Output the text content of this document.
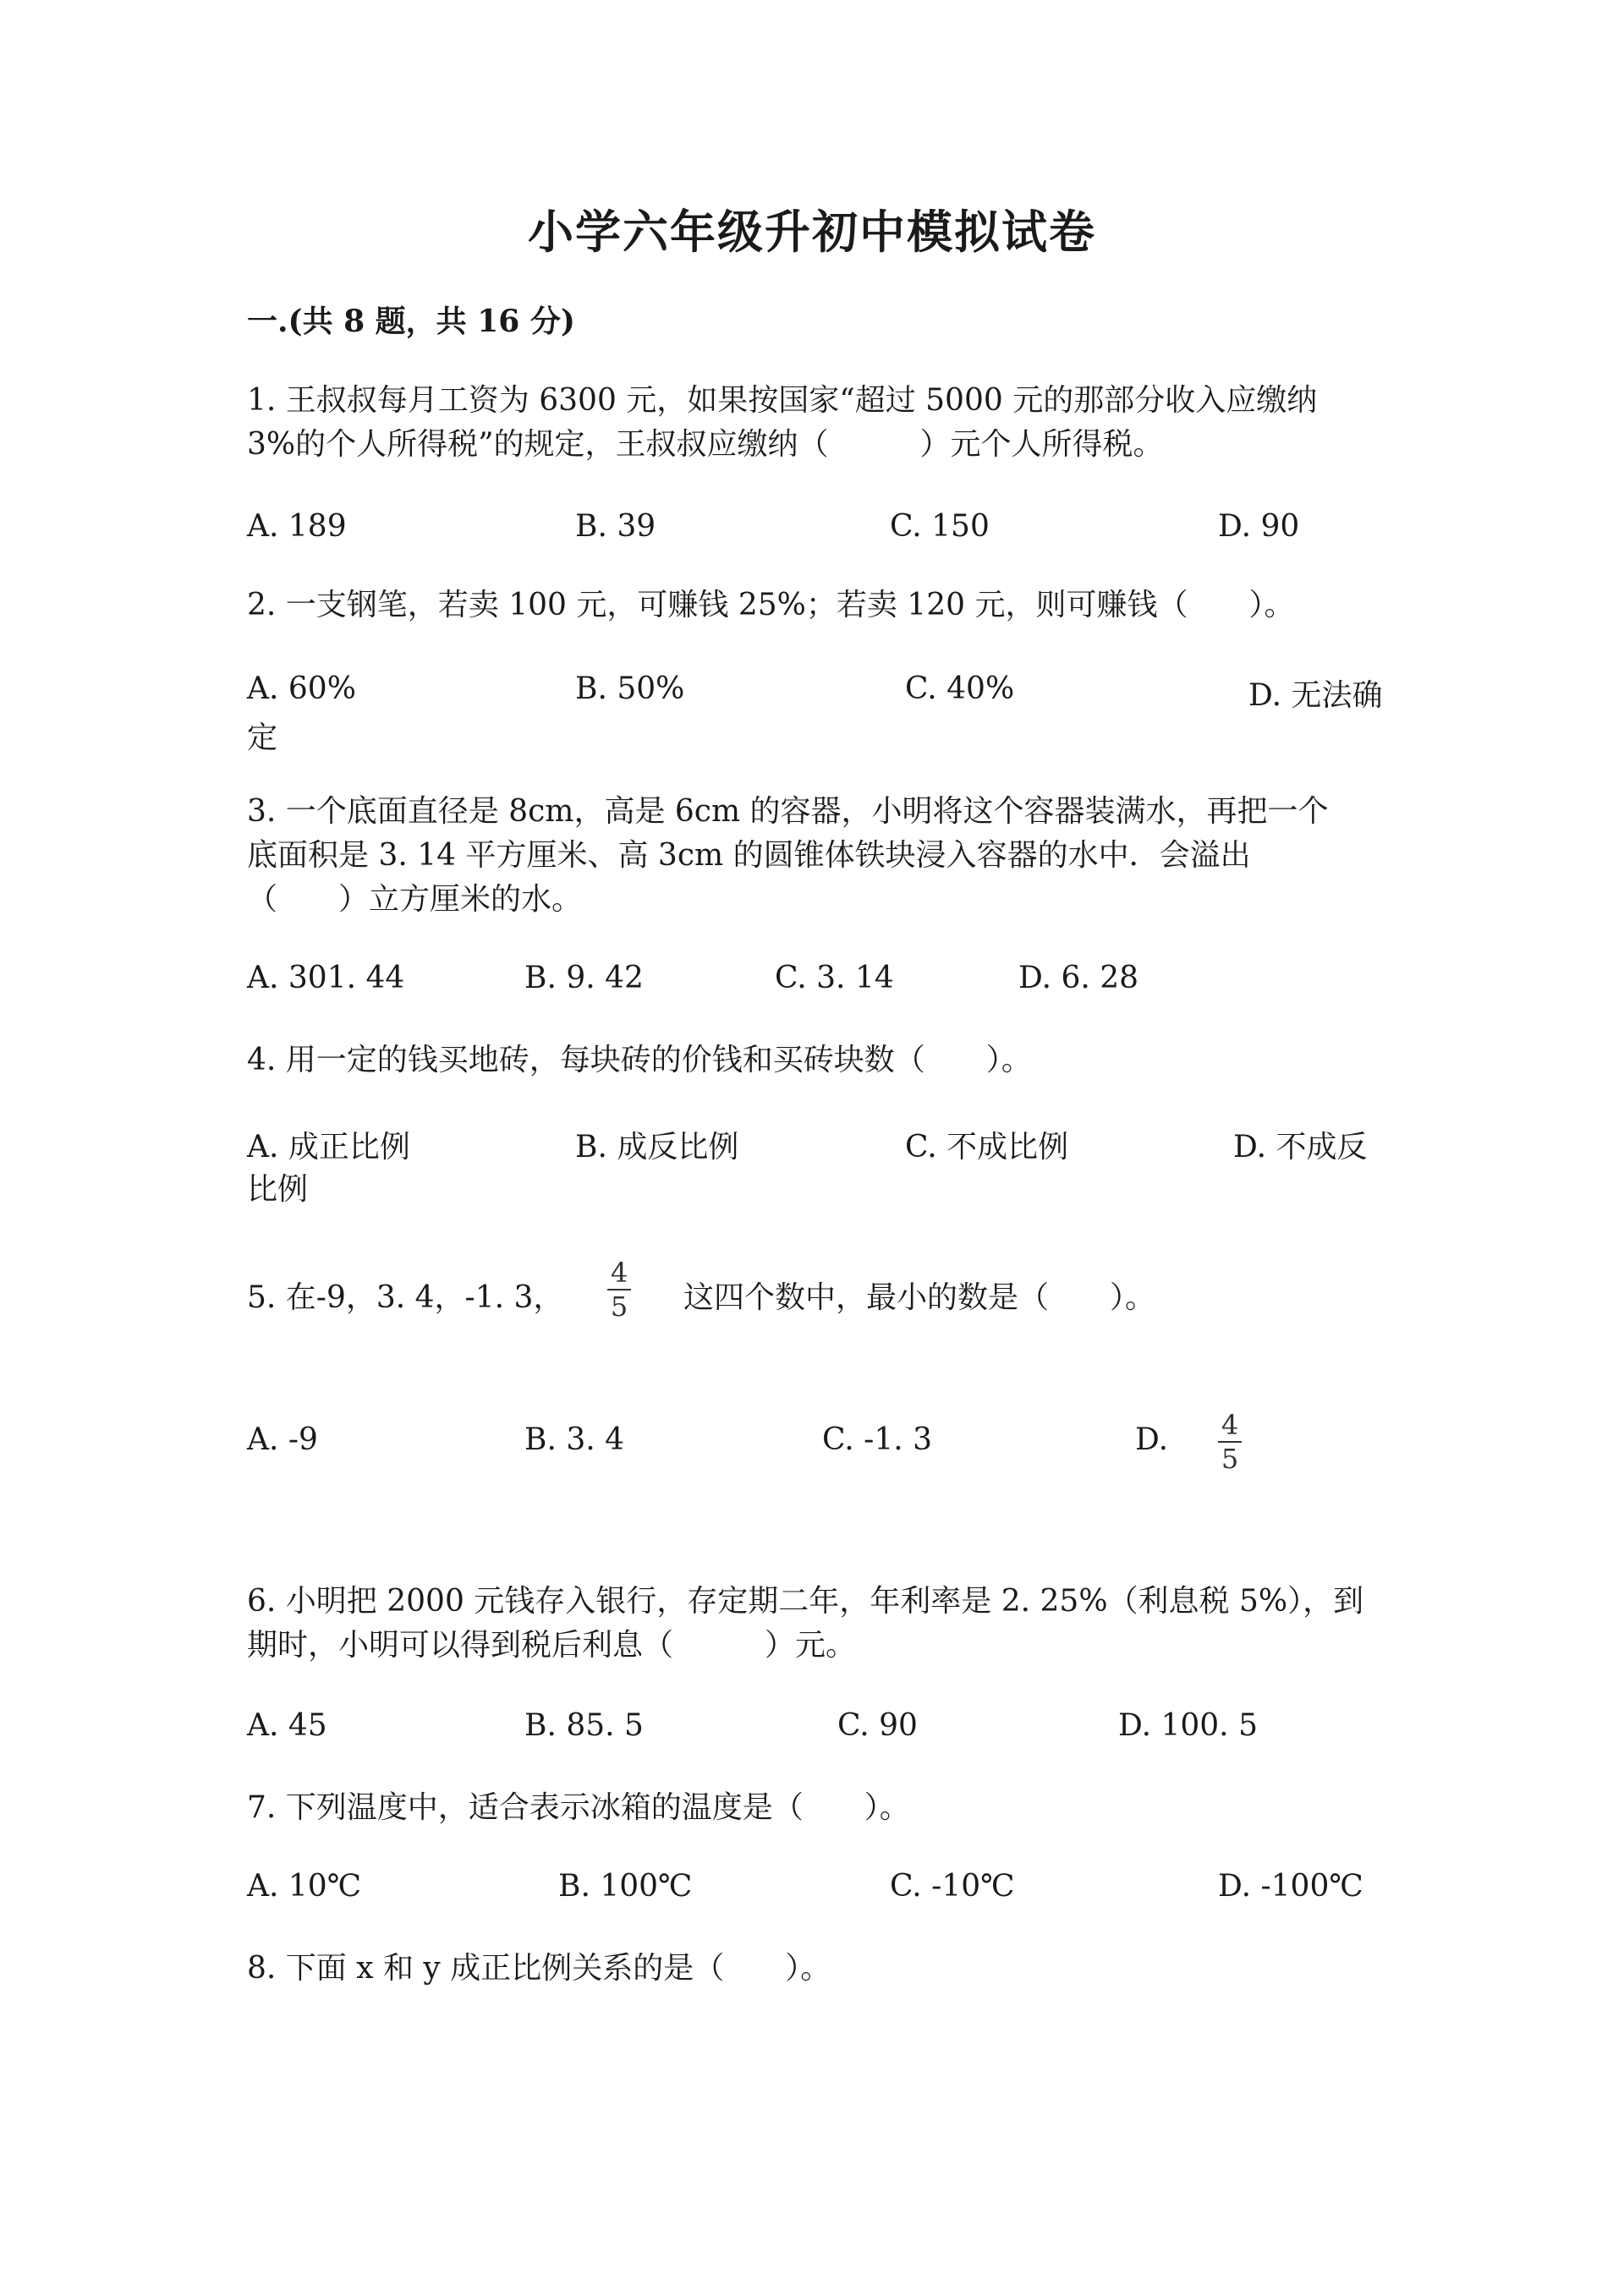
小学六年级升初中模拟试卷
一.(共 8 题，共 16 分)
1. 王叔叔每月工资为 6300 元，如果按国家“超过 5000 元的那部分收入应缴纳
3%的个人所得税”的规定，王叔叔应缴纳（　　　）元个人所得税。
A. 189	B. 39	C. 150	D. 90
2. 一支钢笔，若卖 100 元，可赚钱 25%；若卖 120 元，则可赚钱（　　）。
A. 60%	B. 50%	C. 40%	D. 无法确
定
3. 一个底面直径是 8cm，高是 6cm 的容器，小明将这个容器装满水，再把一个
底面积是 3. 14 平方厘米、高 3cm 的圆锥体铁块浸入容器的水中．会溢出
（　　）立方厘米的水。
A. 301. 44	B. 9. 42	C. 3. 14	D. 6. 28
4. 用一定的钱买地砖，每块砖的价钱和买砖块数（　　）。
A. 成正比例	B. 成反比例	C. 不成比例	D. 不成反
比例
5. 在-9，3. 4，-1. 3，
4
5 这四个数中，最小的数是（　　）。
A. -9	B. 3. 4	C. -1. 3	D. 4
5
6. 小明把 2000 元钱存入银行，存定期二年，年利率是 2. 25%（利息税 5%），到
期时，小明可以得到税后利息（　　　）元。
A. 45	B. 85. 5	C. 90	D. 100. 5
7. 下列温度中，适合表示冰箱的温度是（　　）。
A. 10℃	B. 100℃	C. -10℃	D. -100℃
8. 下面 x 和 y 成正比例关系的是（　　）。
